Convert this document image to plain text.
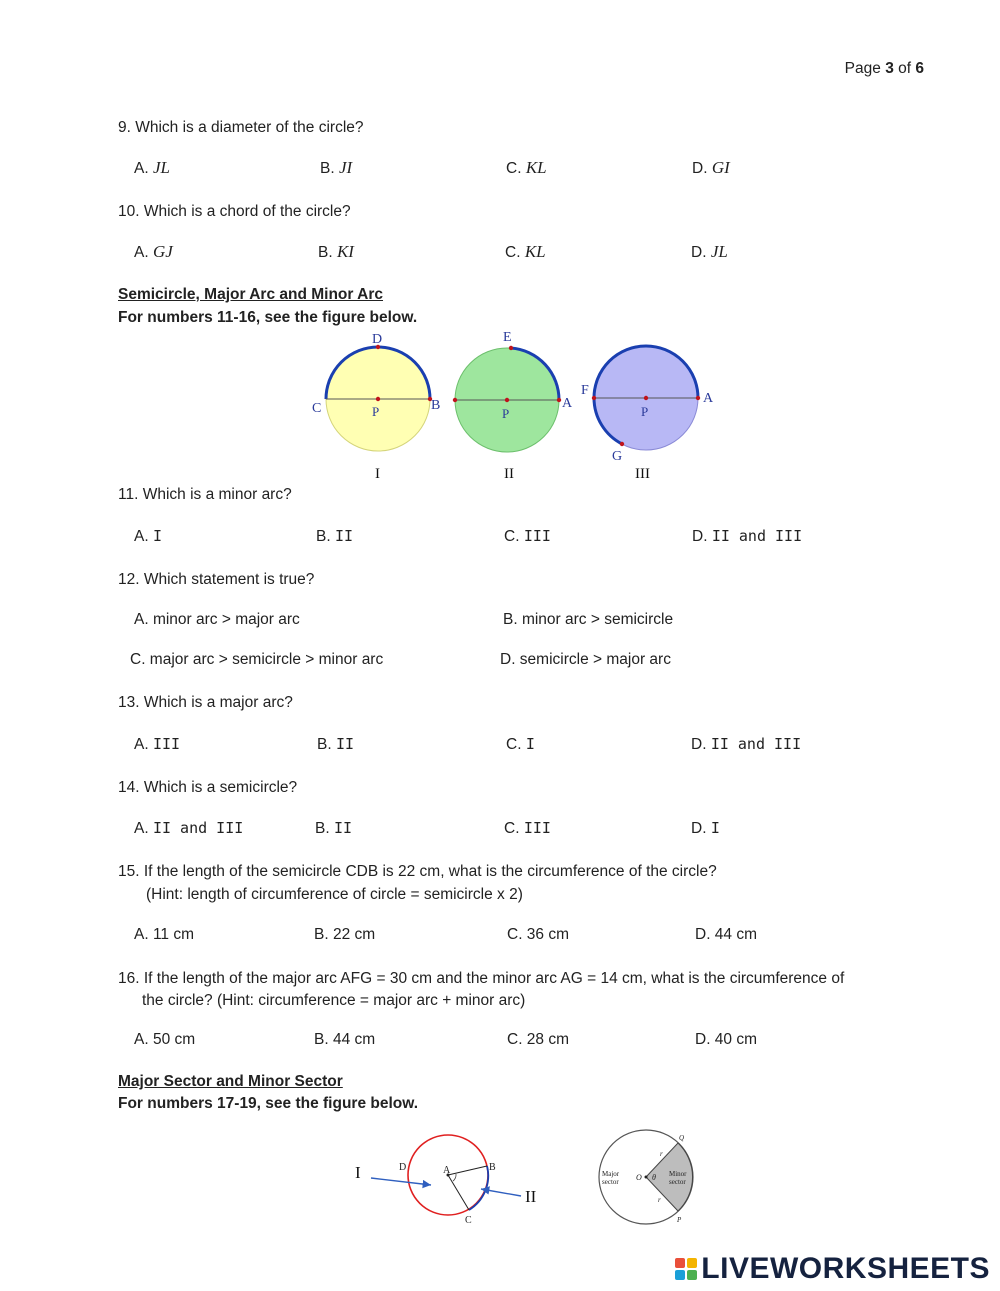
Page 3 of 6
9. Which is a diameter of the circle?
A. JL	B. JI	C. KL	D. GI
10. Which is a chord of the circle?
A. GJ	B. KI	C. KL	D. JL
Semicircle, Major Arc and Minor Arc
For numbers 11-16, see the figure below.
D
C	B
P
I
E
A
P
II
F
A
G
P
III
11. Which is a minor arc?
A. I	B. II	C. III	D. II and III
12. Which statement is true?
A. minor arc > major arc	B. minor arc > semicircle
C. major arc > semicircle > minor arc	D. semicircle > major arc
13. Which is a major arc?
A. III	B. II	C. I	D. II and III
14. Which is a semicircle?
A. II and III	B. II	C. III	D. I
15. If the length of the semicircle CDB is 22 cm, what is the circumference of the circle?
(Hint: length of circumference of circle = semicircle x 2)
A. 11 cm	B. 22 cm	C. 36 cm	D. 44 cm
16. If the length of the major arc AFG = 30 cm and the minor arc AG = 14 cm, what is the circumference of
the circle? (Hint: circumference = major arc + minor arc)
A. 50 cm	B. 44 cm	C. 28 cm	D. 40 cm
Major Sector and Minor Sector
For numbers 17-19, see the figure below.
A	B
C
D
I
II
O θ
Q
P
r
r
Major
sector
Minor
sector
LIVEWORKSHEETS
